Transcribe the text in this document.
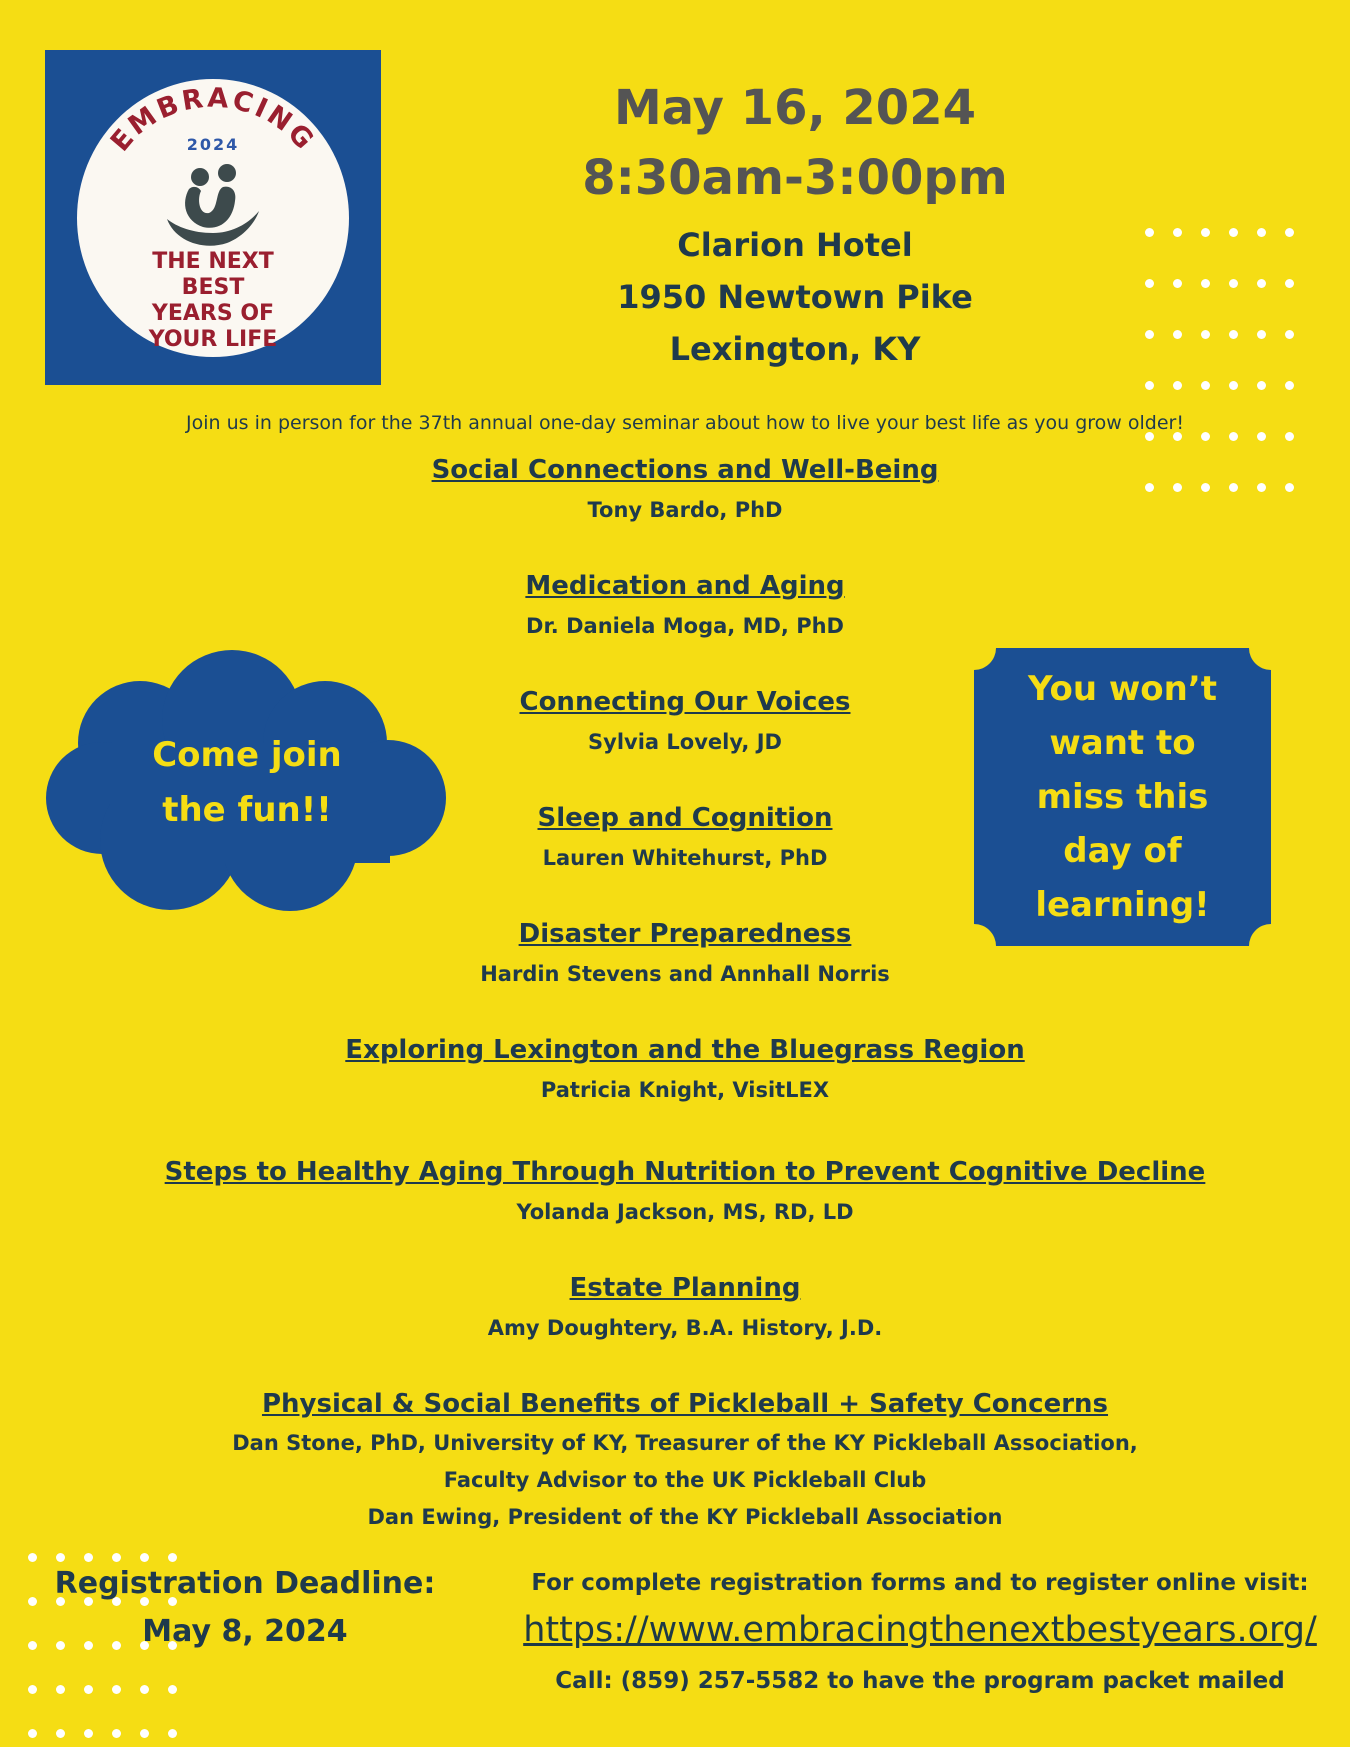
EMBRACING
2024
THE NEXT
BEST
YEARS OF
YOUR LIFE
May 16, 2024
8:30am-3:00pm
Clarion Hotel
1950 Newtown Pike
Lexington, KY
Join us in person for the 37th annual one-day seminar about how to live your best life as you grow older!
Social Connections and Well-Being
Tony Bardo, PhD
Medication and Aging
Dr. Daniela Moga, MD, PhD
Connecting Our Voices
Sylvia Lovely, JD
Sleep and Cognition
Lauren Whitehurst, PhD
Disaster Preparedness
Hardin Stevens and Annhall Norris
Exploring Lexington and the Bluegrass Region
Patricia Knight, VisitLEX
Steps to Healthy Aging Through Nutrition to Prevent Cognitive Decline
Yolanda Jackson, MS, RD, LD
Estate Planning
Amy Doughtery, B.A. History, J.D.
Physical & Social Benefits of Pickleball + Safety Concerns
Dan Stone, PhD, University of KY, Treasurer of the KY Pickleball Association,
Faculty Advisor to the UK Pickleball Club
Dan Ewing, President of the KY Pickleball Association
Come join
the fun!!
You won’t
want to
miss this
day of
learning!
Registration Deadline:
May 8, 2024
For complete registration forms and to register online visit:
https://www.embracingthenextbestyears.org/
Call: (859) 257-5582 to have the program packet mailed
